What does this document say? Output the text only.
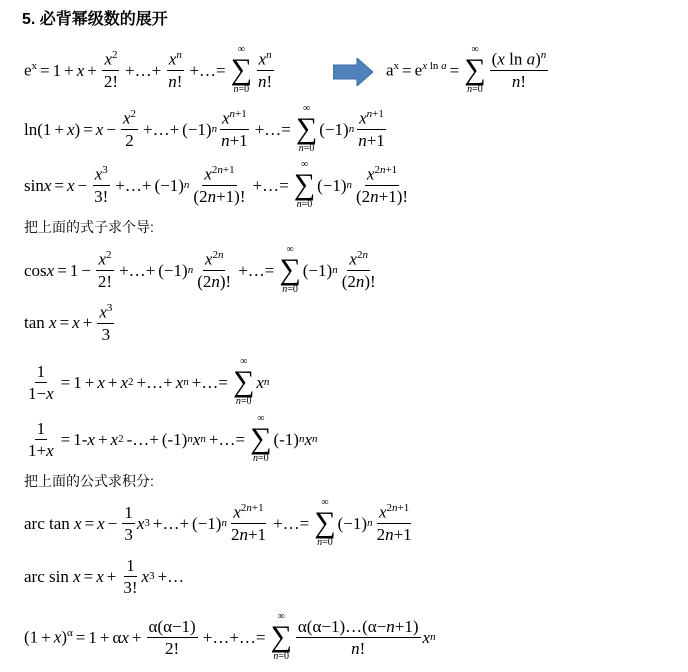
5. 必背幂级数的展开
$e^x = 1 + x + \frac{x^2}{2!}$ +…+ $\frac{x^n}{n!}$ +…=
∞
∑
$n=0 \frac{x^n}{n!}$	$a^x = e^{x ln a}$ =
∞
∑
$n=0 \frac{(x \ln a)^n}{n!}$
$\ln(1 + x) = x - \frac{x^2}{2}$ +…+ (−1) n $\frac{x^{n+1}}{n+1}$ +…=
∞
∑
n=0
(−1) n $\frac{x^{n+1}}{n+1}$
$\sin x = x - \frac{x^3}{3!}$ +…+ (−1) n $\frac{x^{2n+1}}{(2n+1)!}$ +…=
∞
∑
n=0
(−1) n $\frac{x^{2n+1}}{(2n+1)!}$
把上面的式子求个导:
$\cos x = 1 - \frac{x^2}{2!}$ +…+ (−1) n $\frac{x^{2n}}{(2n)!}$ +…=
∞
∑
n=0
(−1) n $\frac{x^{2n}}{(2n)!}$
$\tan x = x + \frac{x^3}{3}$
$\frac{1}{1-x} = 1 + x + x$ 2 +…+ x n +…=
∞
∑
n=0
x n
$\frac{1}{1+x} = 1-$ x + x 2 -…+ (-1) n x n +…=
∞
∑
n=0
(-1) n x n
把上面的公式求积分:
arc $\tan x = x - \frac{1}{3}$ x 3 +…+ (−1) n $\frac{x^{2n+1}}{2n+1}$ +…=
∞
∑
n=0
(−1) n $\frac{x^{2n+1}}{2n+1}$
arc $\sin x = x + \frac{1}{3!}$ x 3 +…
$(1 + x)^\alpha = 1 + \alpha$ $x + \frac{\alpha(\alpha-1)}{2!}$ +…+…=
∞
∑
$n=0 \frac{\alpha(\alpha-1)\dots(\alpha-n+1)}{n!}$ x n
